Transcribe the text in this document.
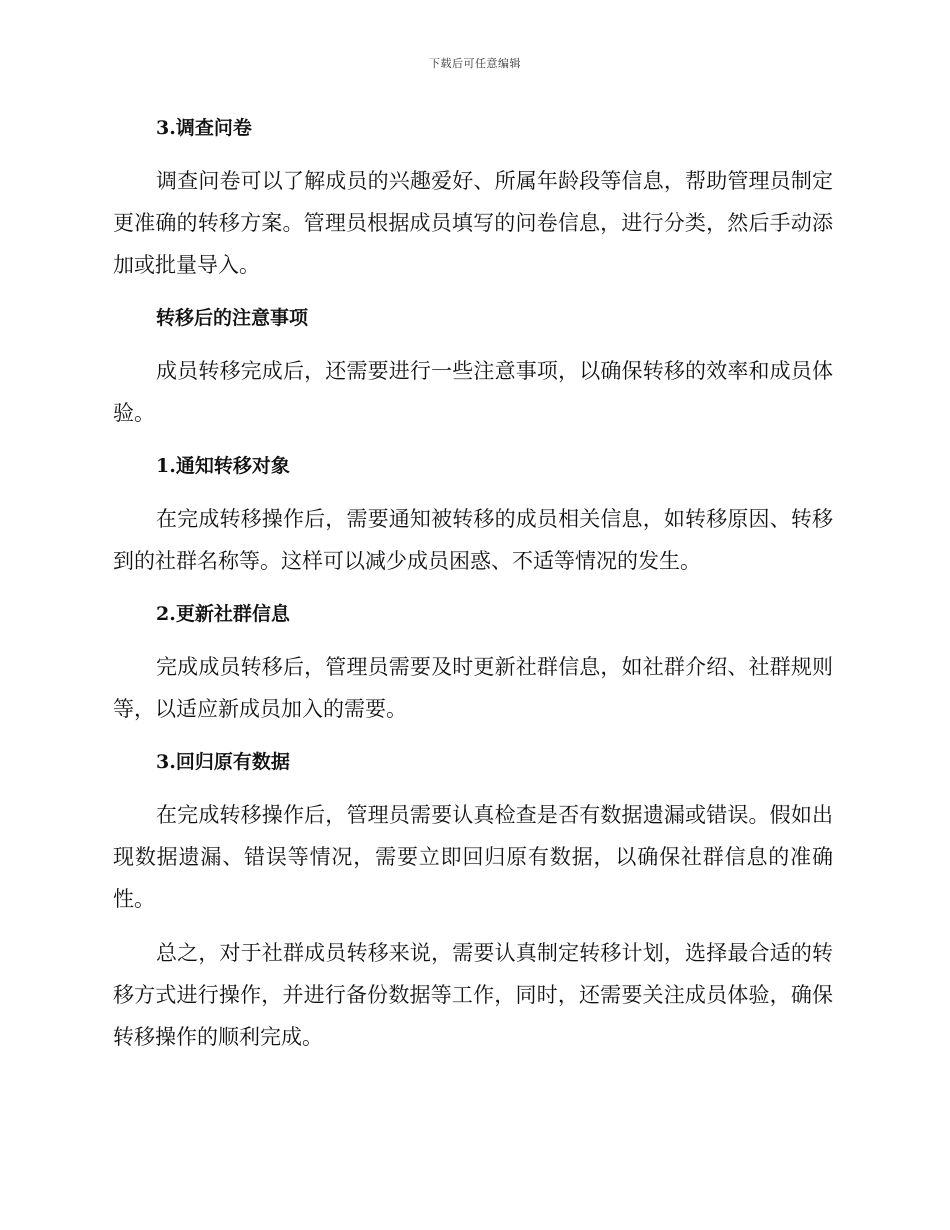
下载后可任意编辑
3.调查问卷
调查问卷可以了解成员的兴趣爱好、所属年龄段等信息，帮助管理员制定更准确的转移方案。管理员根据成员填写的问卷信息，进行分类，然后手动添加或批量导入。
转移后的注意事项
成员转移完成后，还需要进行一些注意事项，以确保转移的效率和成员体验。
1.通知转移对象
在完成转移操作后，需要通知被转移的成员相关信息，如转移原因、转移到的社群名称等。这样可以减少成员困惑、不适等情况的发生。
2.更新社群信息
完成成员转移后，管理员需要及时更新社群信息，如社群介绍、社群规则等，以适应新成员加入的需要。
3.回归原有数据
在完成转移操作后，管理员需要认真检查是否有数据遗漏或错误。假如出现数据遗漏、错误等情况，需要立即回归原有数据，以确保社群信息的准确性。
总之，对于社群成员转移来说，需要认真制定转移计划，选择最合适的转移方式进行操作，并进行备份数据等工作，同时，还需要关注成员体验，确保转移操作的顺利完成。
